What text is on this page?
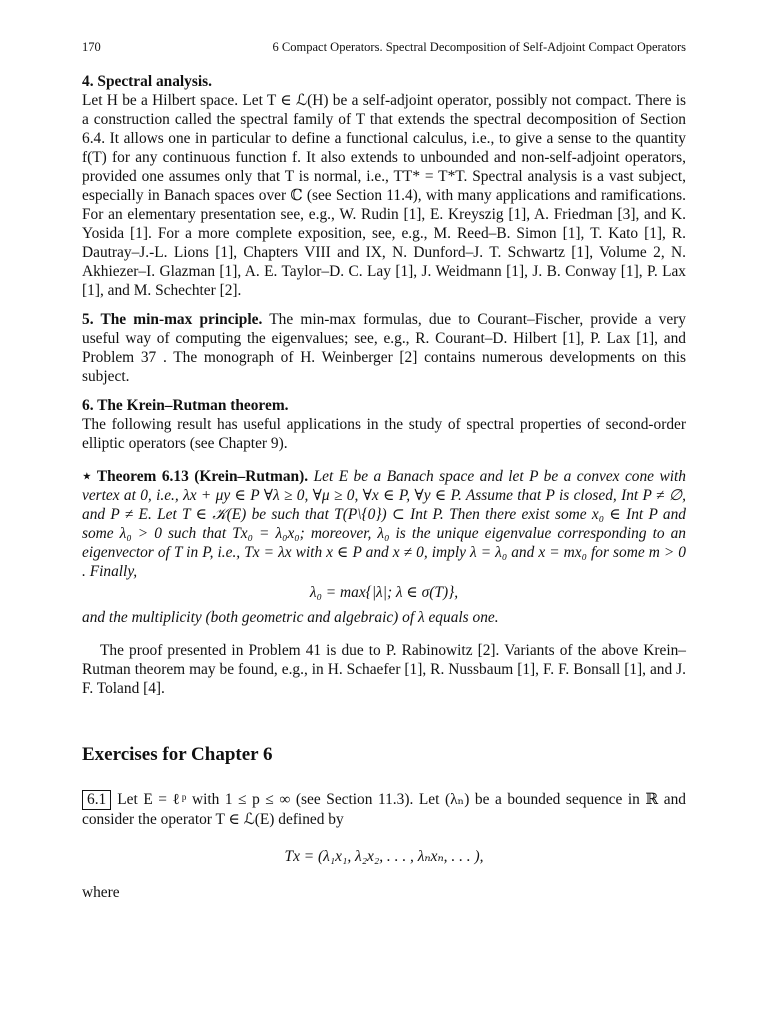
170	6 Compact Operators. Spectral Decomposition of Self-Adjoint Compact Operators
4. Spectral analysis.

Let H be a Hilbert space. Let T ∈ ℒ(H) be a self-adjoint operator, possibly not compact. There is a construction called the spectral family of T that extends the spectral decomposition of Section 6.4. It allows one in particular to define a functional calculus, i.e., to give a sense to the quantity f(T) for any continuous function f. It also extends to unbounded and non-self-adjoint operators, provided one assumes only that T is normal, i.e., TT* = T*T. Spectral analysis is a vast subject, especially in Banach spaces over ℂ (see Section 11.4), with many applications and ramifications. For an elementary presentation see, e.g., W. Rudin [1], E. Kreyszig [1], A. Friedman [3], and K. Yosida [1]. For a more complete exposition, see, e.g., M. Reed–B. Simon [1], T. Kato [1], R. Dautray–J.-L. Lions [1], Chapters VIII and IX, N. Dunford–J. T. Schwartz [1], Volume 2, N. Akhiezer–I. Glazman [1], A. E. Taylor–D. C. Lay [1], J. Weidmann [1], J. B. Conway [1], P. Lax [1], and M. Schechter [2].

5. The min-max principle. The min-max formulas, due to Courant–Fischer, provide a very useful way of computing the eigenvalues; see, e.g., R. Courant–D. Hilbert [1], P. Lax [1], and Problem 37 . The monograph of H. Weinberger [2] contains numerous developments on this subject.

6. The Krein–Rutman theorem.

The following result has useful applications in the study of spectral properties of second-order elliptic operators (see Chapter 9).

⋆ Theorem 6.13 (Krein–Rutman). Let E be a Banach space and let P be a convex cone with vertex at 0, i.e., λx + μy ∈ P ∀λ ≥ 0, ∀μ ≥ 0, ∀x ∈ P, ∀y ∈ P. Assume that P is closed, Int P ≠ ∅, and P ≠ E. Let T ∈ 𝒦(E) be such that T(P\{0}) ⊂ Int P. Then there exist some x₀ ∈ Int P and some λ₀ > 0 such that Tx₀ = λ₀x₀; moreover, λ₀ is the unique eigenvalue corresponding to an eigenvector of T in P, i.e., Tx = λx with x ∈ P and x ≠ 0, imply λ = λ₀ and x = mx₀ for some m > 0 . Finally,

λ₀ = max{|λ|; λ ∈ σ(T)},

and the multiplicity (both geometric and algebraic) of λ equals one.

The proof presented in Problem 41 is due to P. Rabinowitz [2]. Variants of the above Krein–Rutman theorem may be found, e.g., in H. Schaefer [1], R. Nussbaum [1], F. F. Bonsall [1], and J. F. Toland [4].

Exercises for Chapter 6

6.1 Let E = ℓᵖ with 1 ≤ p ≤ ∞ (see Section 11.3). Let (λₙ) be a bounded sequence in ℝ and consider the operator T ∈ ℒ(E) defined by

Tx = (λ₁x₁, λ₂x₂, . . . , λₙxₙ, . . . ),
where
